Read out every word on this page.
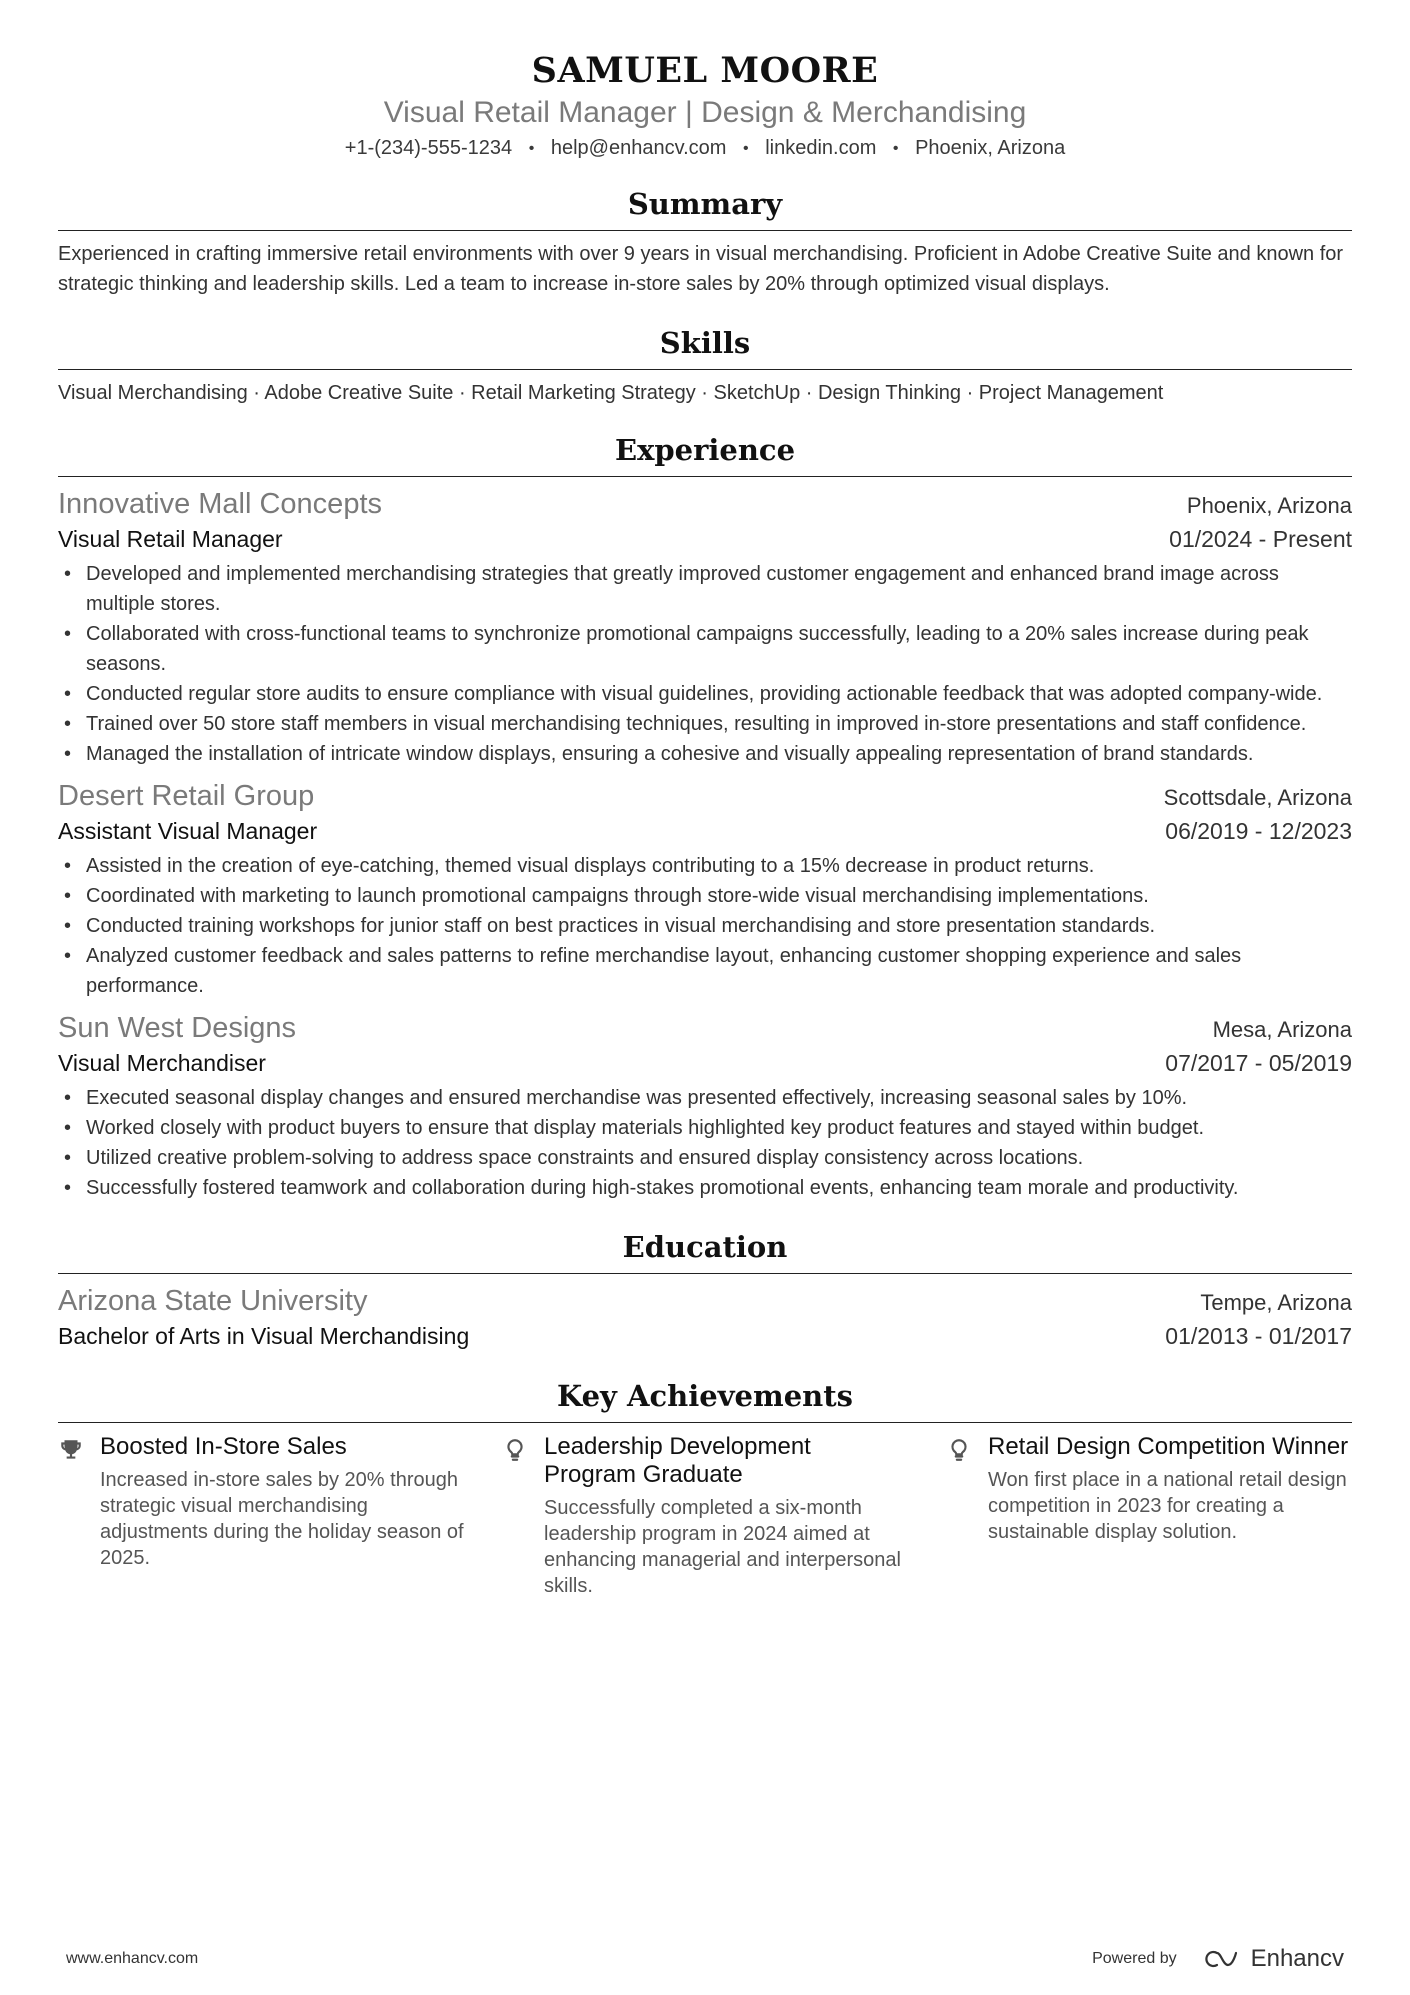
SAMUEL MOORE
Visual Retail Manager | Design & Merchandising
+1-(234)-555-1234 • help@enhancv.com • linkedin.com • Phoenix, Arizona
Summary
Experienced in crafting immersive retail environments with over 9 years in visual merchandising. Proficient in Adobe Creative Suite and known for strategic thinking and leadership skills. Led a team to increase in-store sales by 20% through optimized visual displays.
Skills
Visual Merchandising · Adobe Creative Suite · Retail Marketing Strategy · SketchUp · Design Thinking · Project Management
Experience
Innovative Mall Concepts	Phoenix, Arizona
Visual Retail Manager	01/2024 - Present
• Developed and implemented merchandising strategies that greatly improved customer engagement and enhanced brand image across multiple stores.
• Collaborated with cross-functional teams to synchronize promotional campaigns successfully, leading to a 20% sales increase during peak seasons.
• Conducted regular store audits to ensure compliance with visual guidelines, providing actionable feedback that was adopted company-wide.
• Trained over 50 store staff members in visual merchandising techniques, resulting in improved in-store presentations and staff confidence.
• Managed the installation of intricate window displays, ensuring a cohesive and visually appealing representation of brand standards.
Desert Retail Group	Scottsdale, Arizona
Assistant Visual Manager	06/2019 - 12/2023
• Assisted in the creation of eye-catching, themed visual displays contributing to a 15% decrease in product returns.
• Coordinated with marketing to launch promotional campaigns through store-wide visual merchandising implementations.
• Conducted training workshops for junior staff on best practices in visual merchandising and store presentation standards.
• Analyzed customer feedback and sales patterns to refine merchandise layout, enhancing customer shopping experience and sales performance.
Sun West Designs	Mesa, Arizona
Visual Merchandiser	07/2017 - 05/2019
• Executed seasonal display changes and ensured merchandise was presented effectively, increasing seasonal sales by 10%.
• Worked closely with product buyers to ensure that display materials highlighted key product features and stayed within budget.
• Utilized creative problem-solving to address space constraints and ensured display consistency across locations.
• Successfully fostered teamwork and collaboration during high-stakes promotional events, enhancing team morale and productivity.
Education
Arizona State University	Tempe, Arizona
Bachelor of Arts in Visual Merchandising	01/2013 - 01/2017
Key Achievements
Boosted In-Store Sales
Increased in-store sales by 20% through strategic visual merchandising adjustments during the holiday season of 2025.
Leadership Development Program Graduate
Successfully completed a six-month leadership program in 2024 aimed at enhancing managerial and interpersonal skills.
Retail Design Competition Winner
Won first place in a national retail design competition in 2023 for creating a sustainable display solution.
www.enhancv.com	Powered by	Enhancv
